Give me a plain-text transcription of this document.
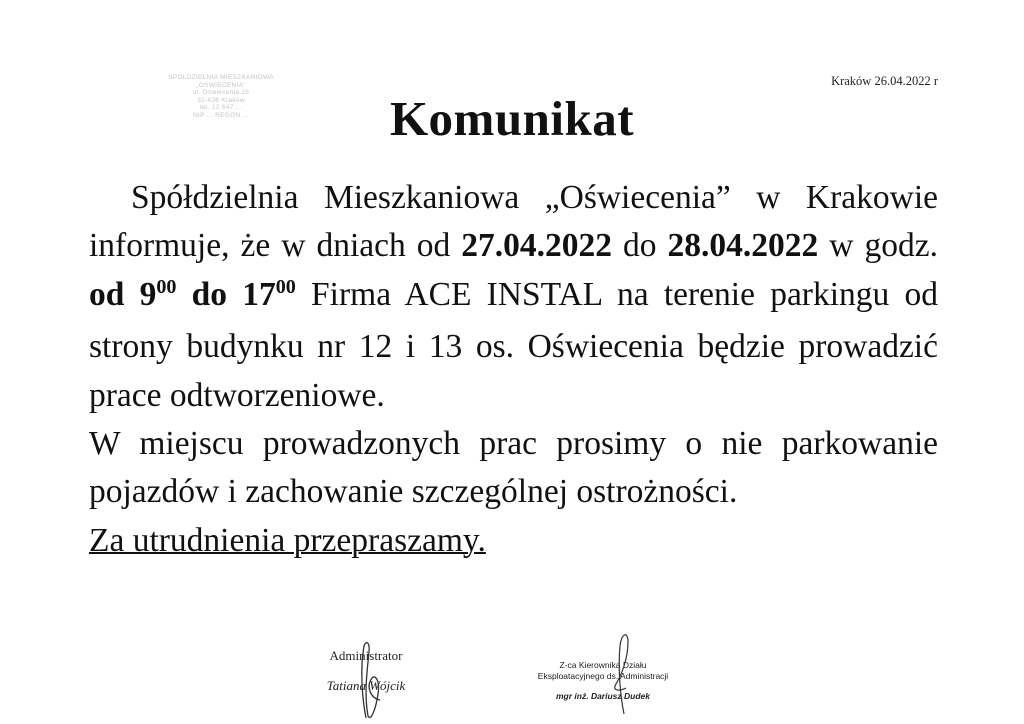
SPÓŁDZIELNIA MIESZKANIOWA
„OŚWIECENIA”
ul. Oświecenia 15
31-636 Kraków
tel. 12 647 ...
NIP ... REGON ...
Kraków 26.04.2022 r
Komunikat

Spółdzielnia Mieszkaniowa „Oświecenia” w Krakowie informuje, że w dniach od 27.04.2022 do 28.04.2022 w godz. od $9^{00}$ do $17^{00}$ Firma ACE INSTAL na terenie parkingu od strony budynku nr 12 i 13 os. Oświecenia będzie prowadzić prace odtworzeniowe.

W miejscu prowadzonych prac prosimy o nie parkowanie pojazdów i zachowanie szczególnej ostrożności.

Za utrudnienia przepraszamy.

Administrator
Tatiana Wójcik
Z-ca Kierownika Działu
Eksploatacyjnego ds. Administracji
mgr inż. Dariusz Dudek
